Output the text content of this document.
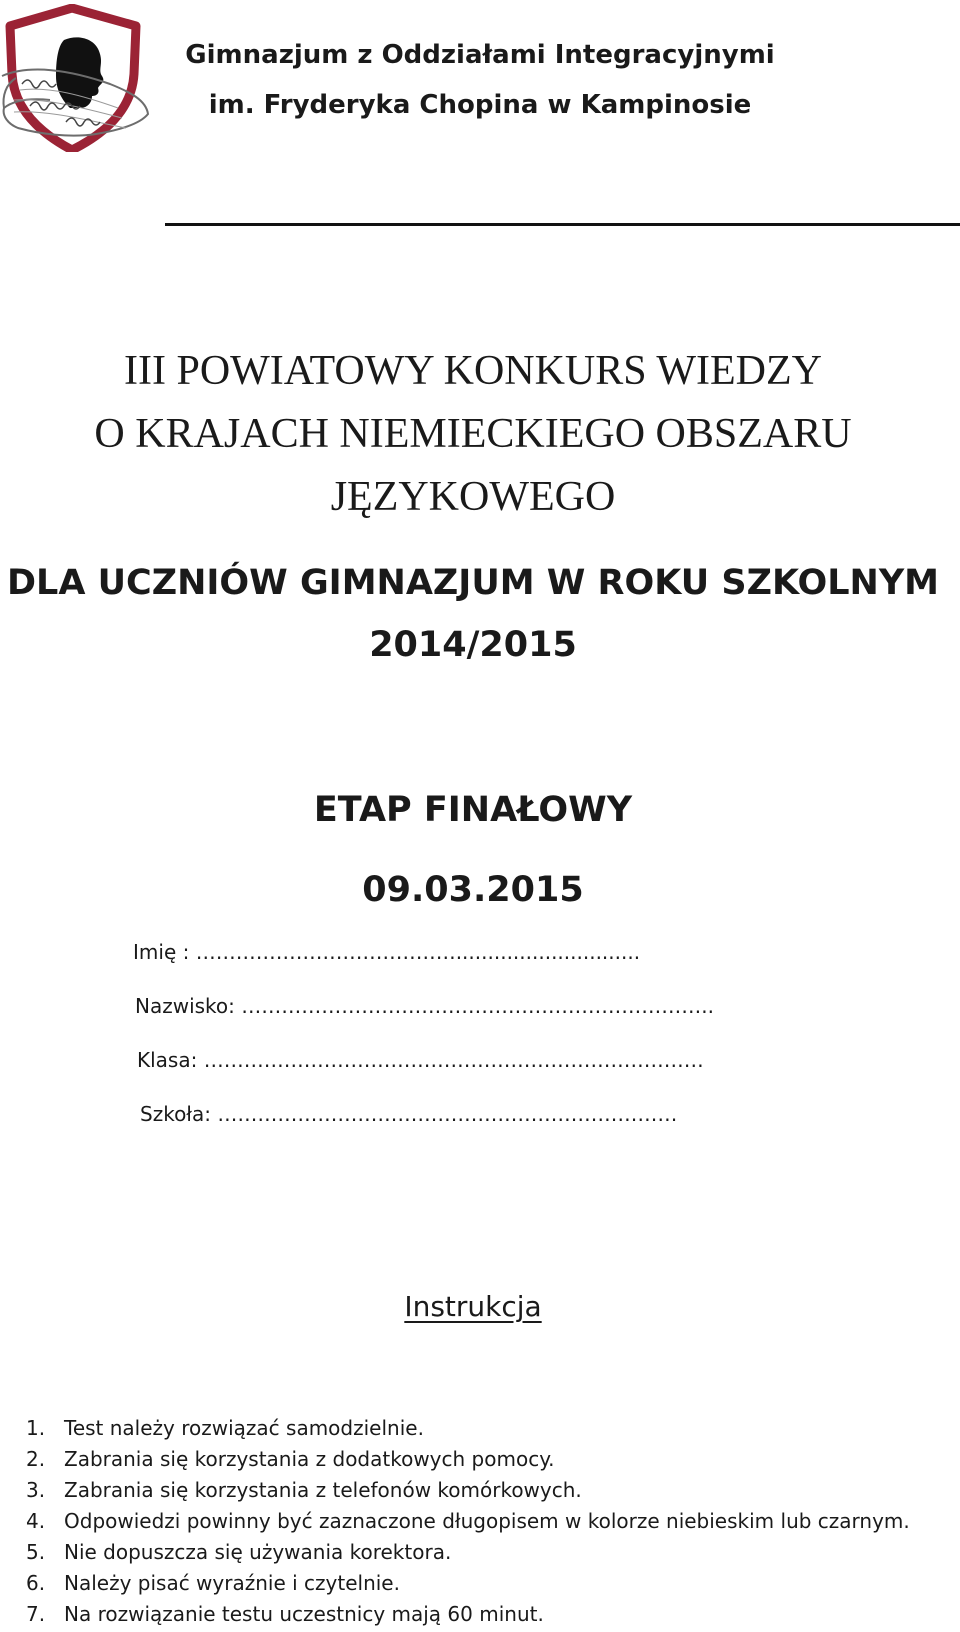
Gimnazjum z Oddziałami Integracyjnymi
im. Fryderyka Chopina w Kampinosie
III POWIATOWY KONKURS WIEDZY
O KRAJACH NIEMIECKIEGO OBSZARU
JĘZYKOWEGO
DLA UCZNIÓW GIMNAZJUM W ROKU SZKOLNYM
2014/2015
ETAP FINAŁOWY
09.03.2015
Imię : ………………………………….............................
Nazwisko: ……………………………………………………………..
Klasa: …………………………………………………………………
Szkoła: ……………………………………………………………
Instrukcja
1. Test należy rozwiązać samodzielnie.
2. Zabrania się korzystania z dodatkowych pomocy.
3. Zabrania się korzystania z telefonów komórkowych.
4. Odpowiedzi powinny być zaznaczone długopisem w kolorze niebieskim lub czarnym.
5. Nie dopuszcza się używania korektora.
6. Należy pisać wyraźnie i czytelnie.
7. Na rozwiązanie testu uczestnicy mają 60 minut.
